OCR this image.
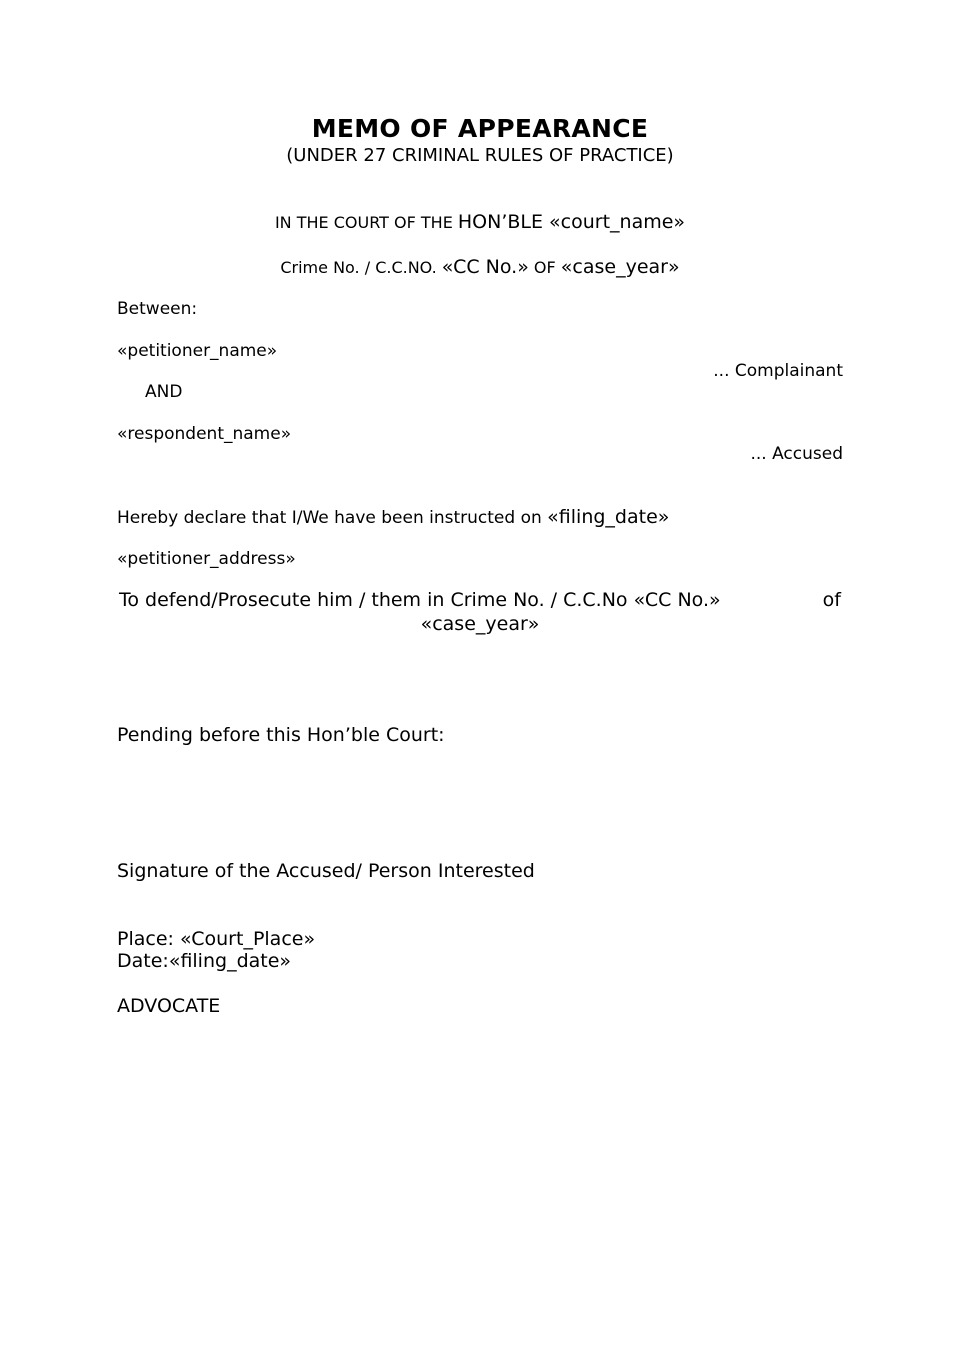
MEMO OF APPEARANCE
(UNDER 27 CRIMINAL RULES OF PRACTICE)
IN THE COURT OF THE HON’BLE «court_name»
Crime No. / C.C.NO. «CC No.» OF «case_year»
Between:
«petitioner_name»
... Complainant
AND
«respondent_name»
... Accused
Hereby declare that I/We have been instructed on «filing_date»
«petitioner_address»
To defend/Prosecute him / them in Crime No. / C.C.No «CC No.»	of
«case_year»
Pending before this Hon’ble Court:
Signature of the Accused/ Person Interested
Place: «Court_Place»
Date:«filing_date»
ADVOCATE
